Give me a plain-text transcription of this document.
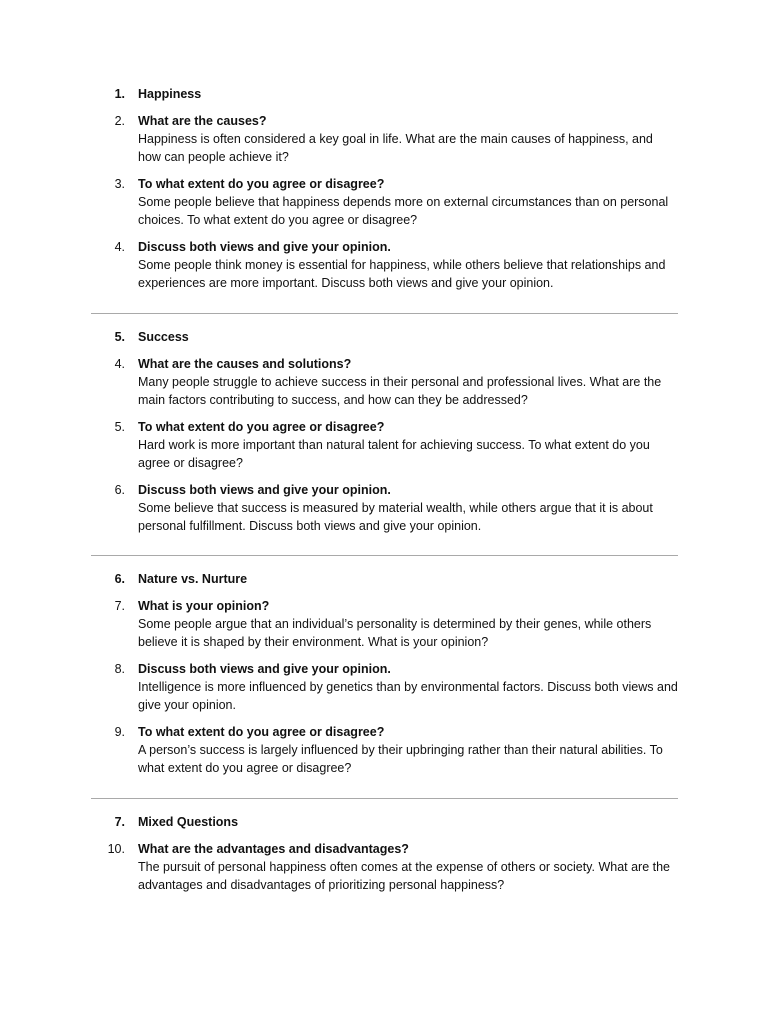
1. Happiness
2. What are the causes?
Happiness is often considered a key goal in life. What are the main causes of happiness, and how can people achieve it?
3. To what extent do you agree or disagree?
Some people believe that happiness depends more on external circumstances than on personal choices. To what extent do you agree or disagree?
4. Discuss both views and give your opinion.
Some people think money is essential for happiness, while others believe that relationships and experiences are more important. Discuss both views and give your opinion.
5. Success
4. What are the causes and solutions?
Many people struggle to achieve success in their personal and professional lives. What are the main factors contributing to success, and how can they be addressed?
5. To what extent do you agree or disagree?
Hard work is more important than natural talent for achieving success. To what extent do you agree or disagree?
6. Discuss both views and give your opinion.
Some believe that success is measured by material wealth, while others argue that it is about personal fulfillment. Discuss both views and give your opinion.
6. Nature vs. Nurture
7. What is your opinion?
Some people argue that an individual’s personality is determined by their genes, while others believe it is shaped by their environment. What is your opinion?
8. Discuss both views and give your opinion.
Intelligence is more influenced by genetics than by environmental factors. Discuss both views and give your opinion.
9. To what extent do you agree or disagree?
A person’s success is largely influenced by their upbringing rather than their natural abilities. To what extent do you agree or disagree?
7. Mixed Questions
10. What are the advantages and disadvantages?
The pursuit of personal happiness often comes at the expense of others or society. What are the advantages and disadvantages of prioritizing personal happiness?
